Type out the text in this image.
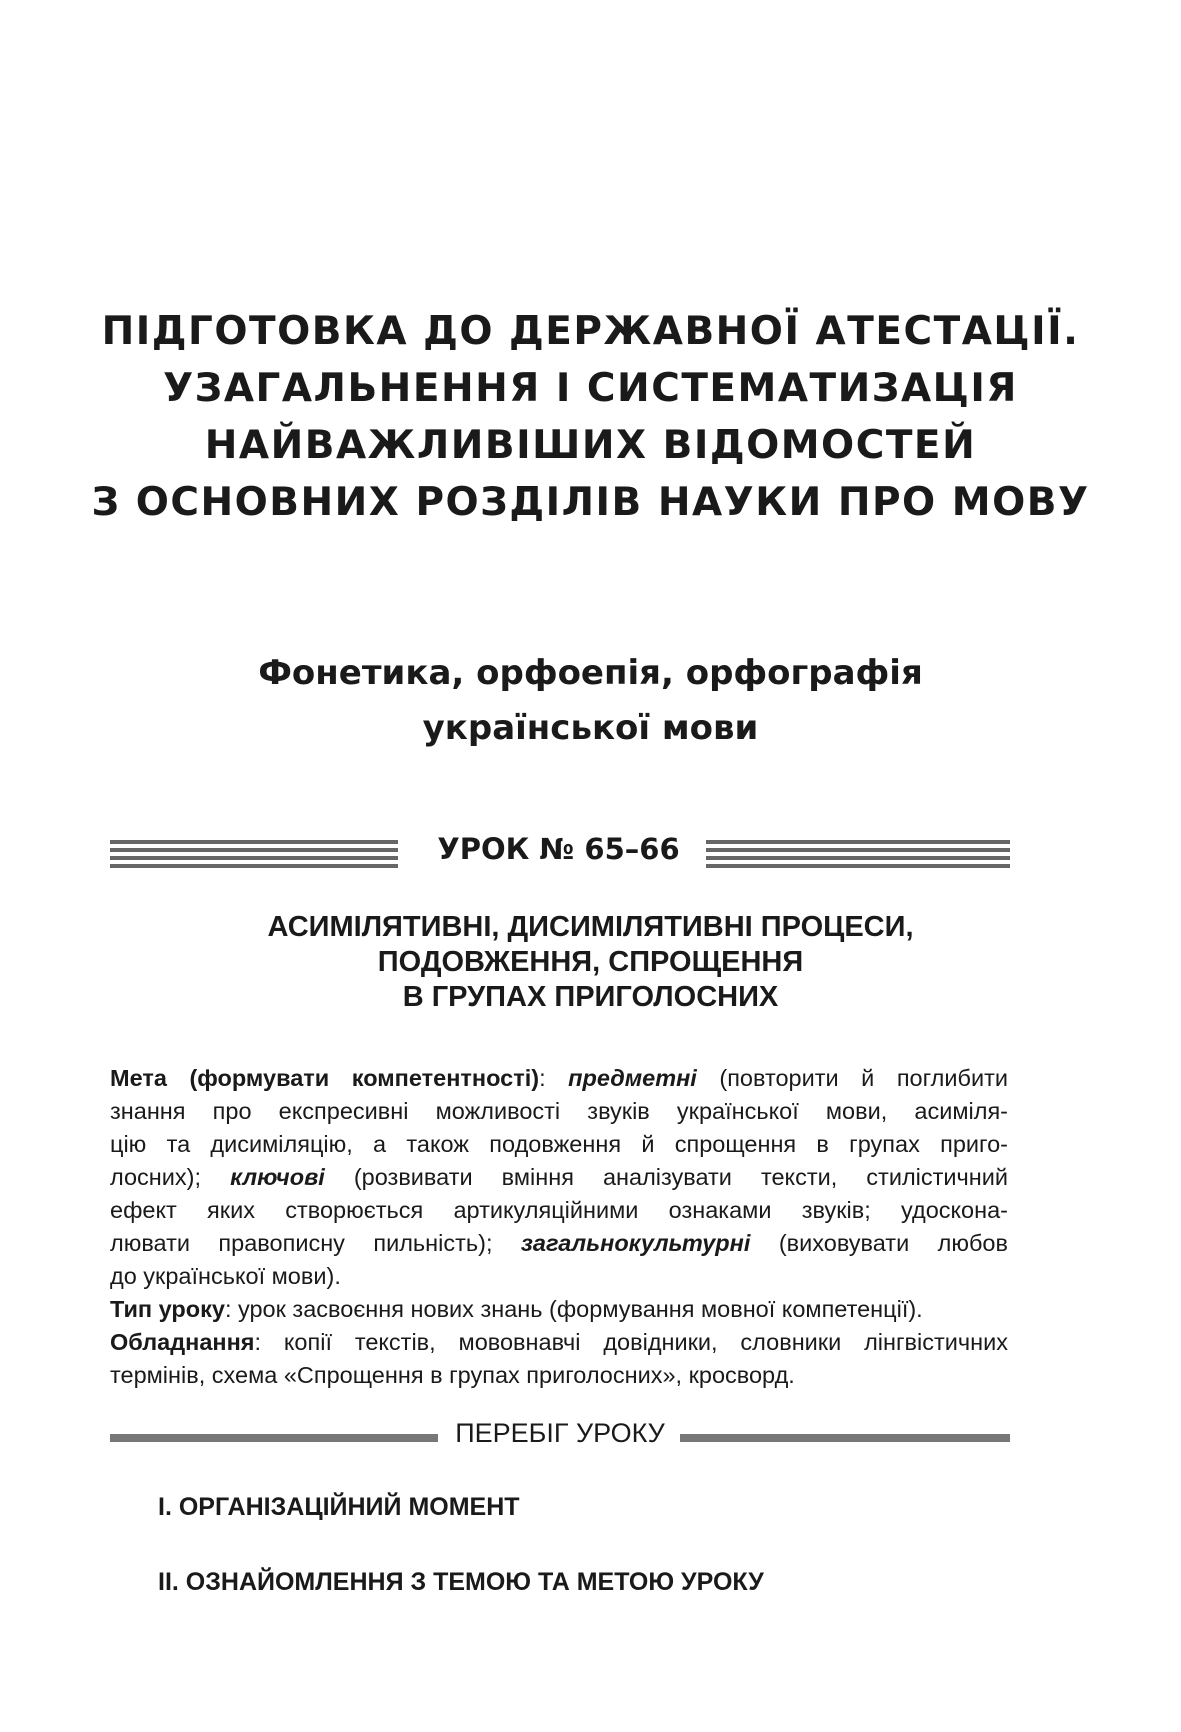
ПІДГОТОВКА ДО ДЕРЖАВНОЇ АТЕСТАЦІЇ.
УЗАГАЛЬНЕННЯ І СИСТЕМАТИЗАЦІЯ
НАЙВАЖЛИВІШИХ ВІДОМОСТЕЙ
З ОСНОВНИХ РОЗДІЛІВ НАУКИ ПРО МОВУ
Фонетика, орфоепія, орфографія
української мови
УРОК № 65–66
АСИМІЛЯТИВНІ, ДИСИМІЛЯТИВНІ ПРОЦЕСИ,
ПОДОВЖЕННЯ, СПРОЩЕННЯ
В ГРУПАХ ПРИГОЛОСНИХ

Мета (формувати компетентності): предметні (повторити й поглибити
знання про експресивні можливості звуків української мови, асиміля-
цію та дисиміляцію, а також подовження й спрощення в групах приго-
лосних); ключові (розвивати вміння аналізувати тексти, стилістичний
ефект яких створюється артикуляційними ознаками звуків; удоскона-
лювати правописну пильність); загальнокультурні (виховувати любов
до української мови).

Тип уроку: урок засвоєння нових знань (формування мовної компетенції).

Обладнання: копії текстів, мововнавчі довідники, словники лінгвістичних
термінів, схема «Спрощення в групах приголосних», кросворд.

ПЕРЕБІГ УРОКУ
I. ОРГАНІЗАЦІЙНИЙ МОМЕНТ
II. ОЗНАЙОМЛЕННЯ З ТЕМОЮ ТА МЕТОЮ УРОКУ
